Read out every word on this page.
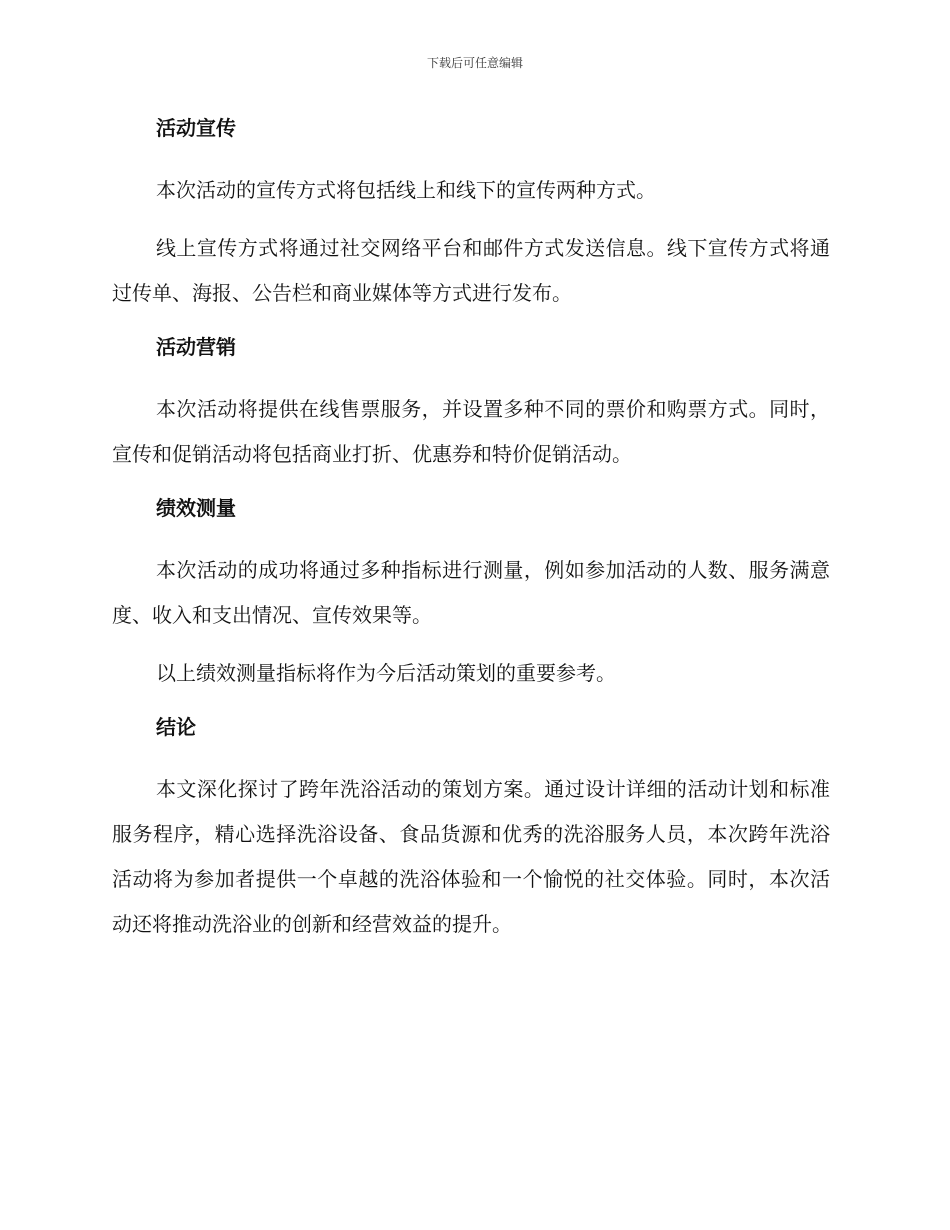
下载后可任意编辑
活动宣传

本次活动的宣传方式将包括线上和线下的宣传两种方式。

线上宣传方式将通过社交网络平台和邮件方式发送信息。线下宣传方式将通过传单、海报、公告栏和商业媒体等方式进行发布。

活动营销

本次活动将提供在线售票服务，并设置多种不同的票价和购票方式。同时，宣传和促销活动将包括商业打折、优惠券和特价促销活动。

绩效测量

本次活动的成功将通过多种指标进行测量，例如参加活动的人数、服务满意度、收入和支出情况、宣传效果等。

以上绩效测量指标将作为今后活动策划的重要参考。

结论

本文深化探讨了跨年洗浴活动的策划方案。通过设计详细的活动计划和标准服务程序，精心选择洗浴设备、食品货源和优秀的洗浴服务人员，本次跨年洗浴活动将为参加者提供一个卓越的洗浴体验和一个愉悦的社交体验。同时，本次活动还将推动洗浴业的创新和经营效益的提升。
